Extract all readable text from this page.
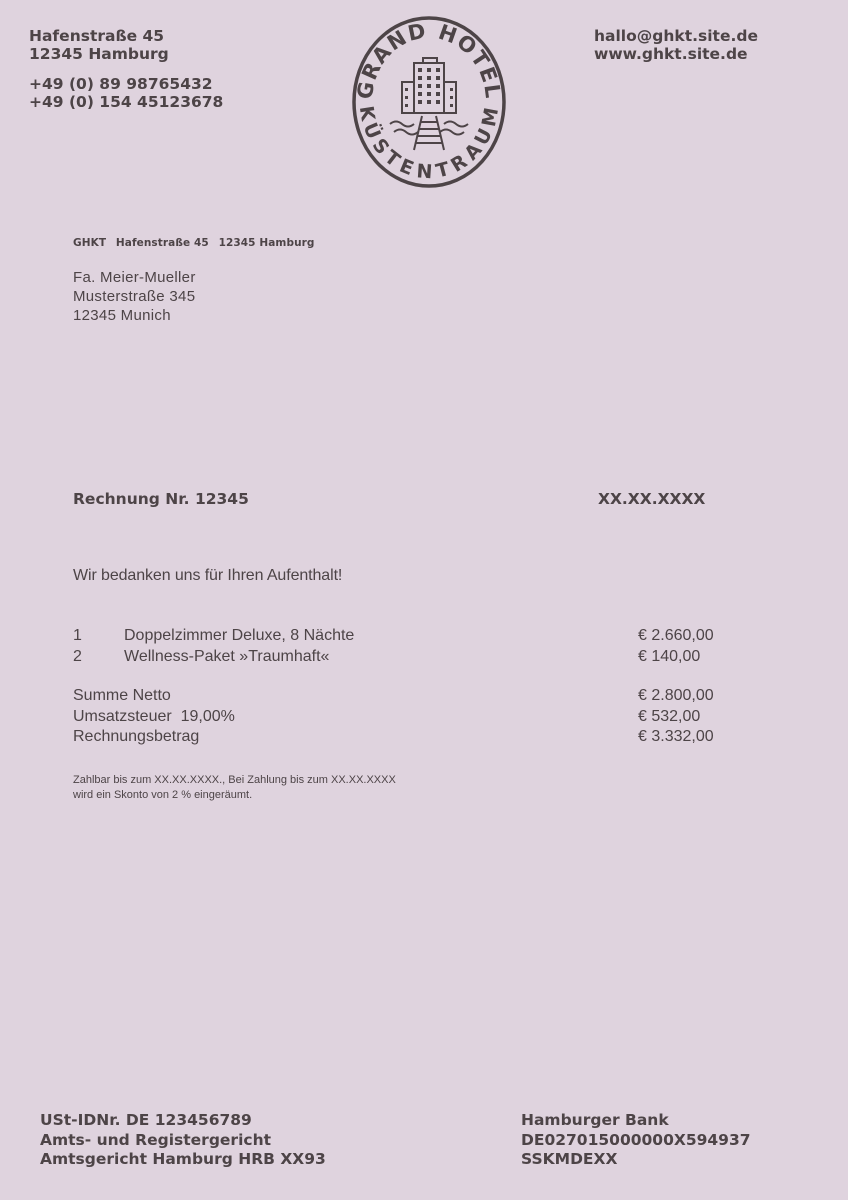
Hafenstraße 45
12345 Hamburg
+49 (0) 89 98765432
+49 (0) 154 45123678
hallo@ghkt.site.de
www.ghkt.site.de
GRAND HOTEL
KÜSTENTRAUM
GHKT Hafenstraße 45 12345 Hamburg
Fa. Meier-Mueller
Musterstraße 345
12345 Munich
Rechnung Nr. 12345	XX.XX.XXXX
Wir bedanken uns für Ihren Aufenthalt!
1	Doppelzimmer Deluxe, 8 Nächte	€ 2.660,00
2	Wellness-Paket »Traumhaft«	€ 140,00
Summe Netto	€ 2.800,00
Umsatzsteuer  19,00%	€ 532,00
Rechnungsbetrag	€ 3.332,00
Zahlbar bis zum XX.XX.XXXX., Bei Zahlung bis zum XX.XX.XXXX
wird ein Skonto von 2 % eingeräumt.
USt-IDNr. DE 123456789
Amts- und Registergericht
Amtsgericht Hamburg HRB XX93
Hamburger Bank
DE027015000000X594937
SSKMDEXX
